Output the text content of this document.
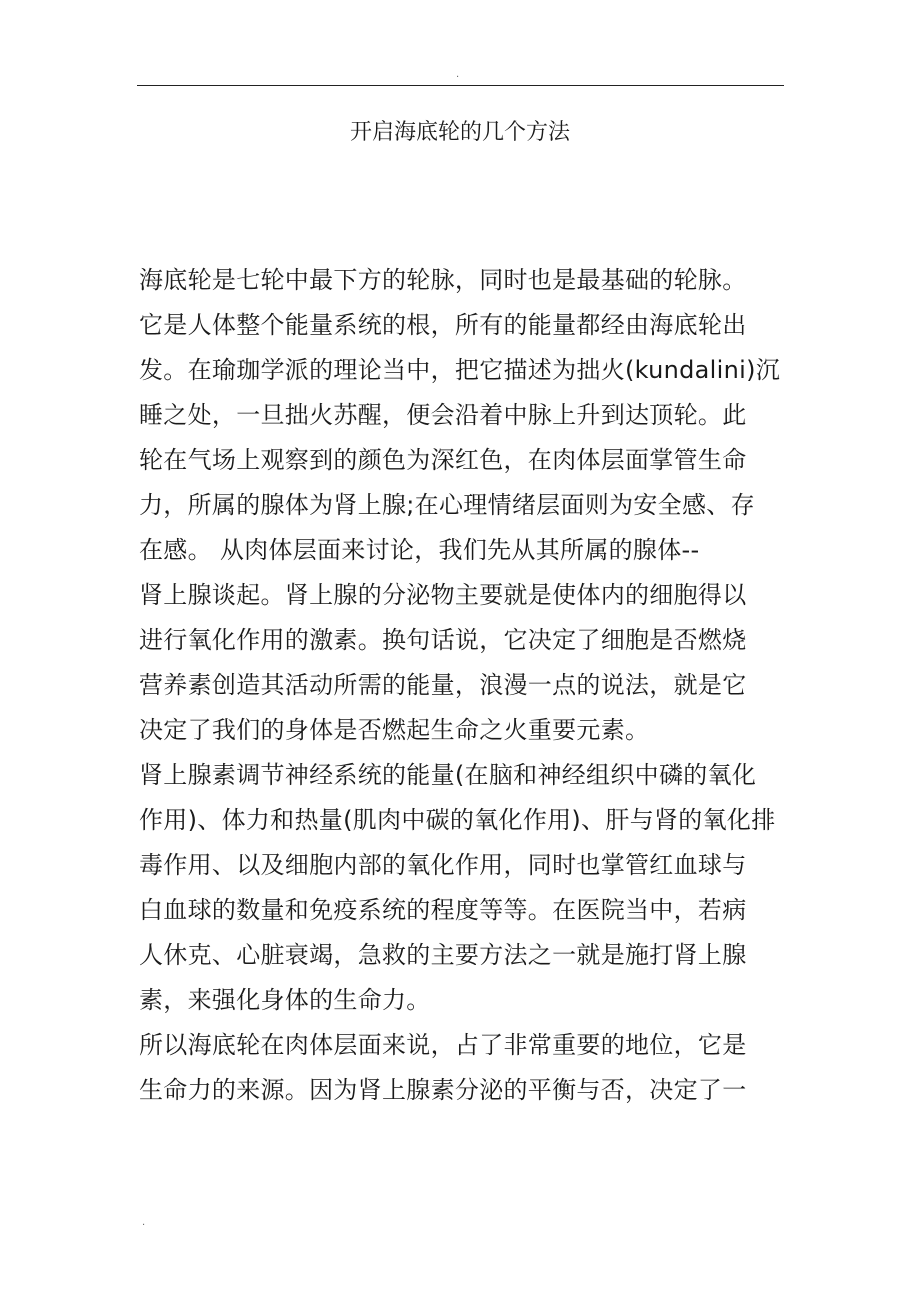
.
开启海底轮的几个方法
海底轮是七轮中最下方的轮脉，同时也是最基础的轮脉。
它是人体整个能量系统的根，所有的能量都经由海底轮出
发。在瑜珈学派的理论当中，把它描述为拙火(kundalini)沉
睡之处，一旦拙火苏醒，便会沿着中脉上升到达顶轮。此
轮在气场上观察到的颜色为深红色，在肉体层面掌管生命
力，所属的腺体为肾上腺;在心理情绪层面则为安全感、存
在感。 从肉体层面来讨论，我们先从其所属的腺体--
肾上腺谈起。肾上腺的分泌物主要就是使体内的细胞得以
进行氧化作用的激素。换句话说，它决定了细胞是否燃烧
营养素创造其活动所需的能量，浪漫一点的说法，就是它
决定了我们的身体是否燃起生命之火重要元素。
肾上腺素调节神经系统的能量(在脑和神经组织中磷的氧化
作用)、体力和热量(肌肉中碳的氧化作用)、肝与肾的氧化排
毒作用、以及细胞内部的氧化作用，同时也掌管红血球与
白血球的数量和免疫系统的程度等等。在医院当中，若病
人休克、心脏衰竭，急救的主要方法之一就是施打肾上腺
素，来强化身体的生命力。
所以海底轮在肉体层面来说，占了非常重要的地位，它是
生命力的来源。因为肾上腺素分泌的平衡与否，决定了一
.
